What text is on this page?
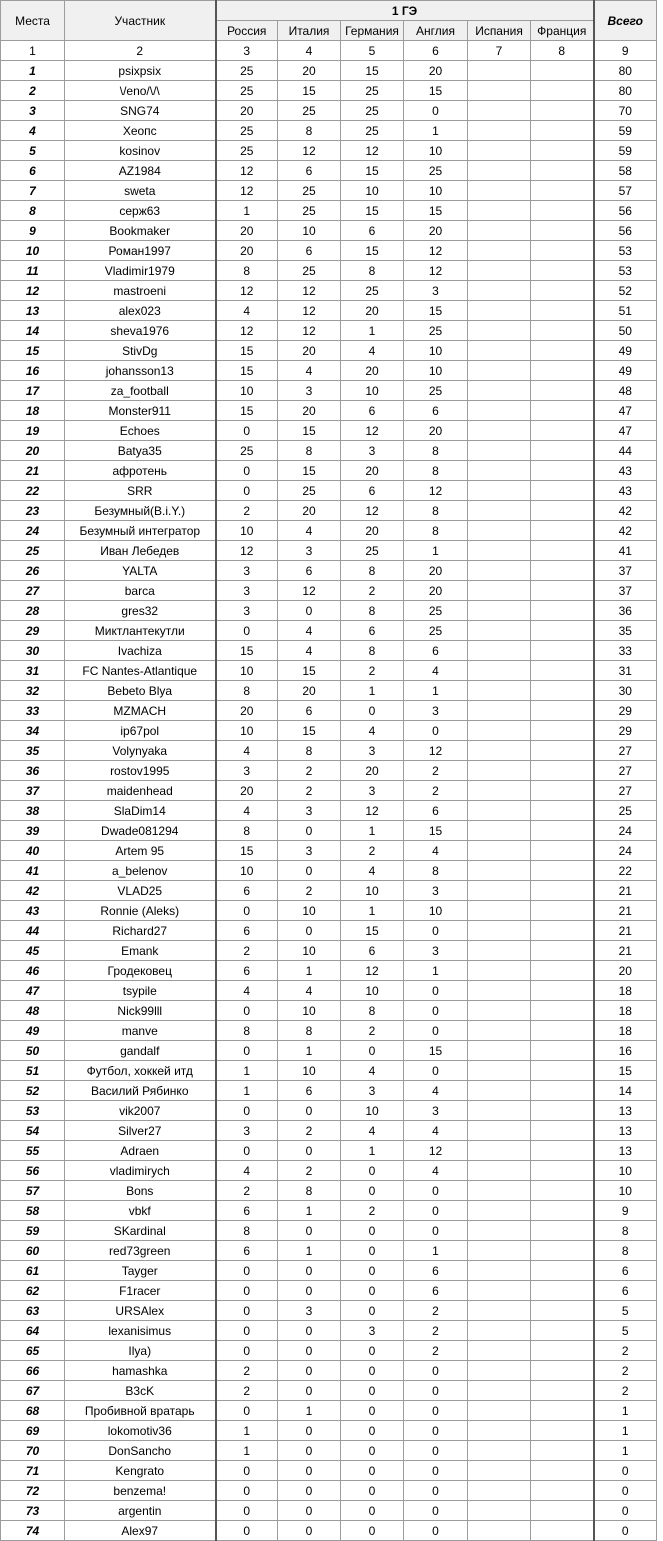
Места	Участник	1 ГЭ						Всего
		Россия	Италия	Германия	Англия	Испания	Франция	
1	2	3	4	5	6	7	8	9
1	psixpsix	25	20	15	20			80
2	\/eno/\/\	25	15	25	15			80
3	SNG74	20	25	25	0			70
4	Хеопс	25	8	25	1			59
5	kosinov	25	12	12	10			59
6	AZ1984	12	6	15	25			58
7	sweta	12	25	10	10			57
8	серж63	1	25	15	15			56
9	Bookmaker	20	10	6	20			56
10	Роман1997	20	6	15	12			53
11	Vladimir1979	8	25	8	12			53
12	mastroeni	12	12	25	3			52
13	alex023	4	12	20	15			51
14	sheva1976	12	12	1	25			50
15	StivDg	15	20	4	10			49
16	johansson13	15	4	20	10			49
17	za_football	10	3	10	25			48
18	Monster911	15	20	6	6			47
19	Echoes	0	15	12	20			47
20	Batya35	25	8	3	8			44
21	афротень	0	15	20	8			43
22	SRR	0	25	6	12			43
23	Безумный(B.i.Y.)	2	20	12	8			42
24	Безумный интегратор	10	4	20	8			42
25	Иван Лебедев	12	3	25	1			41
26	YALTA	3	6	8	20			37
27	barca	3	12	2	20			37
28	gres32	3	0	8	25			36
29	Миктлантекутли	0	4	6	25			35
30	Ivachiza	15	4	8	6			33
31	FC Nantes-Atlantique	10	15	2	4			31
32	Bebeto Blya	8	20	1	1			30
33	MZMACH	20	6	0	3			29
34	ip67pol	10	15	4	0			29
35	Volynyaka	4	8	3	12			27
36	rostov1995	3	2	20	2			27
37	maidenhead	20	2	3	2			27
38	SlaDim14	4	3	12	6			25
39	Dwade081294	8	0	1	15			24
40	Artem 95	15	3	2	4			24
41	a_belenov	10	0	4	8			22
42	VLAD25	6	2	10	3			21
43	Ronnie (Aleks)	0	10	1	10			21
44	Richard27	6	0	15	0			21
45	Emank	2	10	6	3			21
46	Гродековец	6	1	12	1			20
47	tsypile	4	4	10	0			18
48	Nick99lll	0	10	8	0			18
49	manve	8	8	2	0			18
50	gandalf	0	1	0	15			16
51	Футбол, хоккей итд	1	10	4	0			15
52	Василий Рябинко	1	6	3	4			14
53	vik2007	0	0	10	3			13
54	Silver27	3	2	4	4			13
55	Adraen	0	0	1	12			13
56	vladimirych	4	2	0	4			10
57	Bons	2	8	0	0			10
58	vbkf	6	1	2	0			9
59	SKardinal	8	0	0	0			8
60	red73green	6	1	0	1			8
61	Tayger	0	0	0	6			6
62	F1racer	0	0	0	6			6
63	URSAlex	0	3	0	2			5
64	lexanisimus	0	0	3	2			5
65	Ilya)	0	0	0	2			2
66	hamashka	2	0	0	0			2
67	B3cK	2	0	0	0			2
68	Пробивной вратарь	0	1	0	0			1
69	lokomotiv36	1	0	0	0			1
70	DonSancho	1	0	0	0			1
71	Kengrato	0	0	0	0			0
72	benzema!	0	0	0	0			0
73	argentin	0	0	0	0			0
74	Alex97	0	0	0	0			0
